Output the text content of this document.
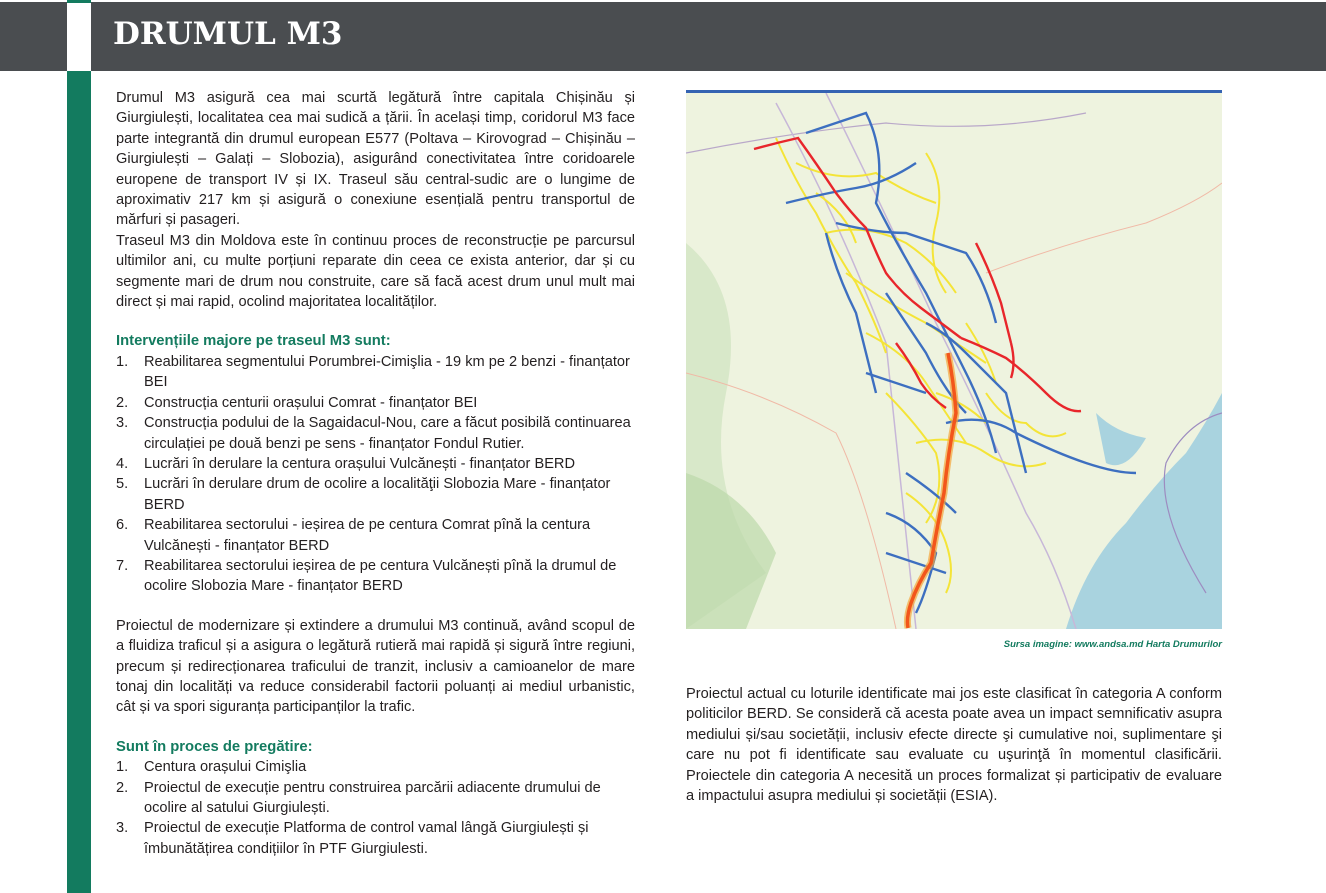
DRUMUL M3

Drumul M3 asigură cea mai scurtă legătură între capitala Chișinău și Giurgiulești, localitatea cea mai sudică a țării. În același timp, coridorul M3 face parte integrantă din drumul european E577 (Poltava – Kirovograd – Chișinău – Giurgiulești – Galați – Slobozia), asigurând conectivitatea între coridoarele europene de transport IV și IX. Traseul său central-sudic are o lungime de aproximativ 217 km și asigură o conexiune esențială pentru transportul de mărfuri și pasageri.

Traseul M3 din Moldova este în continuu proces de reconstrucție pe parcursul ultimilor ani, cu multe porțiuni reparate din ceea ce exista anterior, dar și cu segmente mari de drum nou construite, care să facă acest drum unul mult mai direct și mai rapid, ocolind majoritatea localităților.

Intervențiile majore pe traseul M3 sunt:
1. Reabilitarea segmentului Porumbrei-Cimişlia - 19 km pe 2 benzi - finanțator BEI
2. Construcția centurii orașului Comrat - finanțator BEI
3. Construcția podului de la Sagaidacul-Nou, care a făcut posibilă continuarea circulației pe două benzi pe sens - finanțator Fondul Rutier.
4. Lucrări în derulare la centura orașului Vulcănești - finanțator BERD
5. Lucrări în derulare drum de ocolire a localităţii Slobozia Mare - finanțator BERD
6. Reabilitarea sectorului - ieșirea de pe centura Comrat pînă la centura Vulcănești - finanțator BERD
7. Reabilitarea sectorului ieșirea de pe centura Vulcănești pînă la drumul de ocolire Slobozia Mare - finanțator BERD

Proiectul de modernizare și extindere a drumului M3 continuă, având scopul de a fluidiza traficul și a asigura o legătură rutieră mai rapidă și sigură între regiuni, precum și redirecționarea traficului de tranzit, inclusiv a camioanelor de mare tonaj din localități va reduce considerabil factorii poluanți ai mediul urbanistic, cât și va spori siguranța participanților la trafic.

Sunt în proces de pregătire:
1. Centura orașului Cimişlia
2. Proiectul de execuție pentru construirea parcării adiacente drumului de ocolire al satului Giurgiulești.
3. Proiectul de execuție Platforma de control vamal lângă Giurgiulești și îmbunătățirea condițiilor în PTF Giurgiulesti.
Sursa imagine: www.andsa.md Harta Drumurilor

Proiectul actual cu loturile identificate mai jos este clasificat în categoria A conform politicilor BERD. Se consideră că acesta poate avea un impact semnificativ asupra mediului și/sau societății, inclusiv efecte directe şi cumulative noi, suplimentare şi care nu pot fi identificate sau evaluate cu uşurinţă în momentul clasificării. Proiectele din categoria A necesită un proces formalizat și participativ de evaluare a impactului asupra mediului și societății (ESIA).
